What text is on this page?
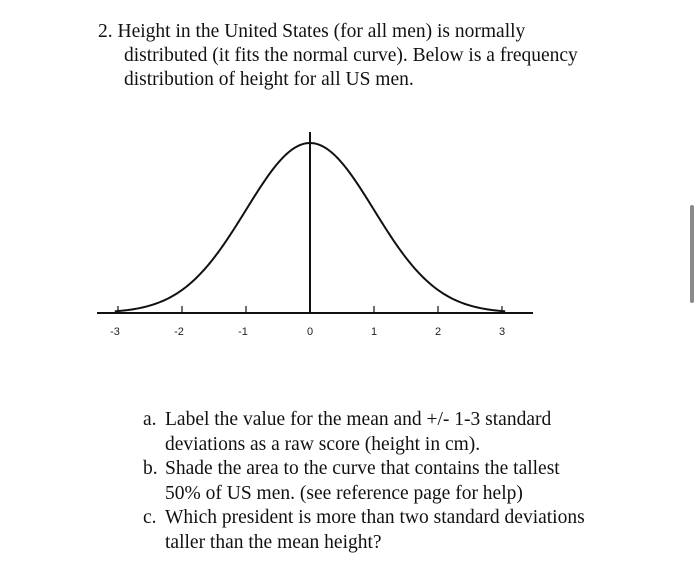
2. Height in the United States (for all men) is normally
distributed (it fits the normal curve). Below is a frequency
distribution of height for all US men.
-3	-2	-1	0	1	2	3
a. Label the value for the mean and +/- 1-3 standard
deviations as a raw score (height in cm).
b. Shade the area to the curve that contains the tallest
50% of US men. (see reference page for help)
c. Which president is more than two standard deviations
taller than the mean height?
